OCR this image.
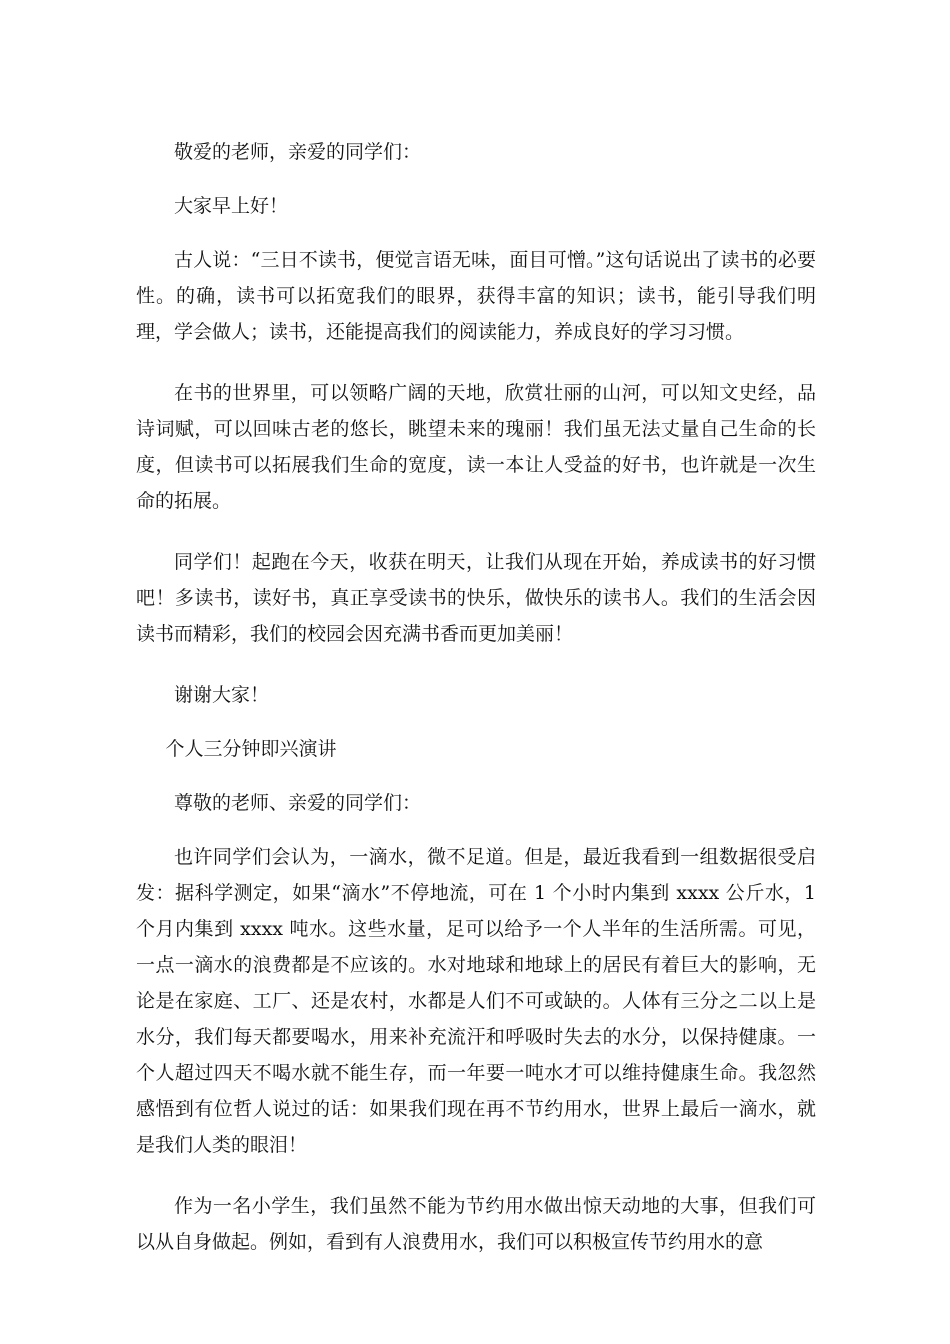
敬爱的老师，亲爱的同学们：

大家早上好！

古人说：“三日不读书，便觉言语无味，面目可憎。”这句话说出了读书的必要性。的确，读书可以拓宽我们的眼界，获得丰富的知识；读书，能引导我们明理，学会做人；读书，还能提高我们的阅读能力，养成良好的学习习惯。

在书的世界里，可以领略广阔的天地，欣赏壮丽的山河，可以知文史经，品诗词赋，可以回味古老的悠长，眺望未来的瑰丽！我们虽无法丈量自己生命的长度，但读书可以拓展我们生命的宽度，读一本让人受益的好书，也许就是一次生命的拓展。

同学们！起跑在今天，收获在明天，让我们从现在开始，养成读书的好习惯吧！多读书，读好书，真正享受读书的快乐，做快乐的读书人。我们的生活会因读书而精彩，我们的校园会因充满书香而更加美丽！

谢谢大家！

个人三分钟即兴演讲

尊敬的老师、亲爱的同学们：

也许同学们会认为，一滴水，微不足道。但是，最近我看到一组数据很受启发：据科学测定，如果“滴水”不停地流，可在 1 个小时内集到 xxxx 公斤水，1 个月内集到 xxxx 吨水。这些水量，足可以给予一个人半年的生活所需。可见，一点一滴水的浪费都是不应该的。水对地球和地球上的居民有着巨大的影响，无论是在家庭、工厂、还是农村，水都是人们不可或缺的。人体有三分之二以上是水分，我们每天都要喝水，用来补充流汗和呼吸时失去的水分，以保持健康。一个人超过四天不喝水就不能生存，而一年要一吨水才可以维持健康生命。我忽然感悟到有位哲人说过的话：如果我们现在再不节约用水，世界上最后一滴水，就是我们人类的眼泪！

作为一名小学生，我们虽然不能为节约用水做出惊天动地的大事，但我们可以从自身做起。例如，看到有人浪费用水，我们可以积极宣传节约用水的意
